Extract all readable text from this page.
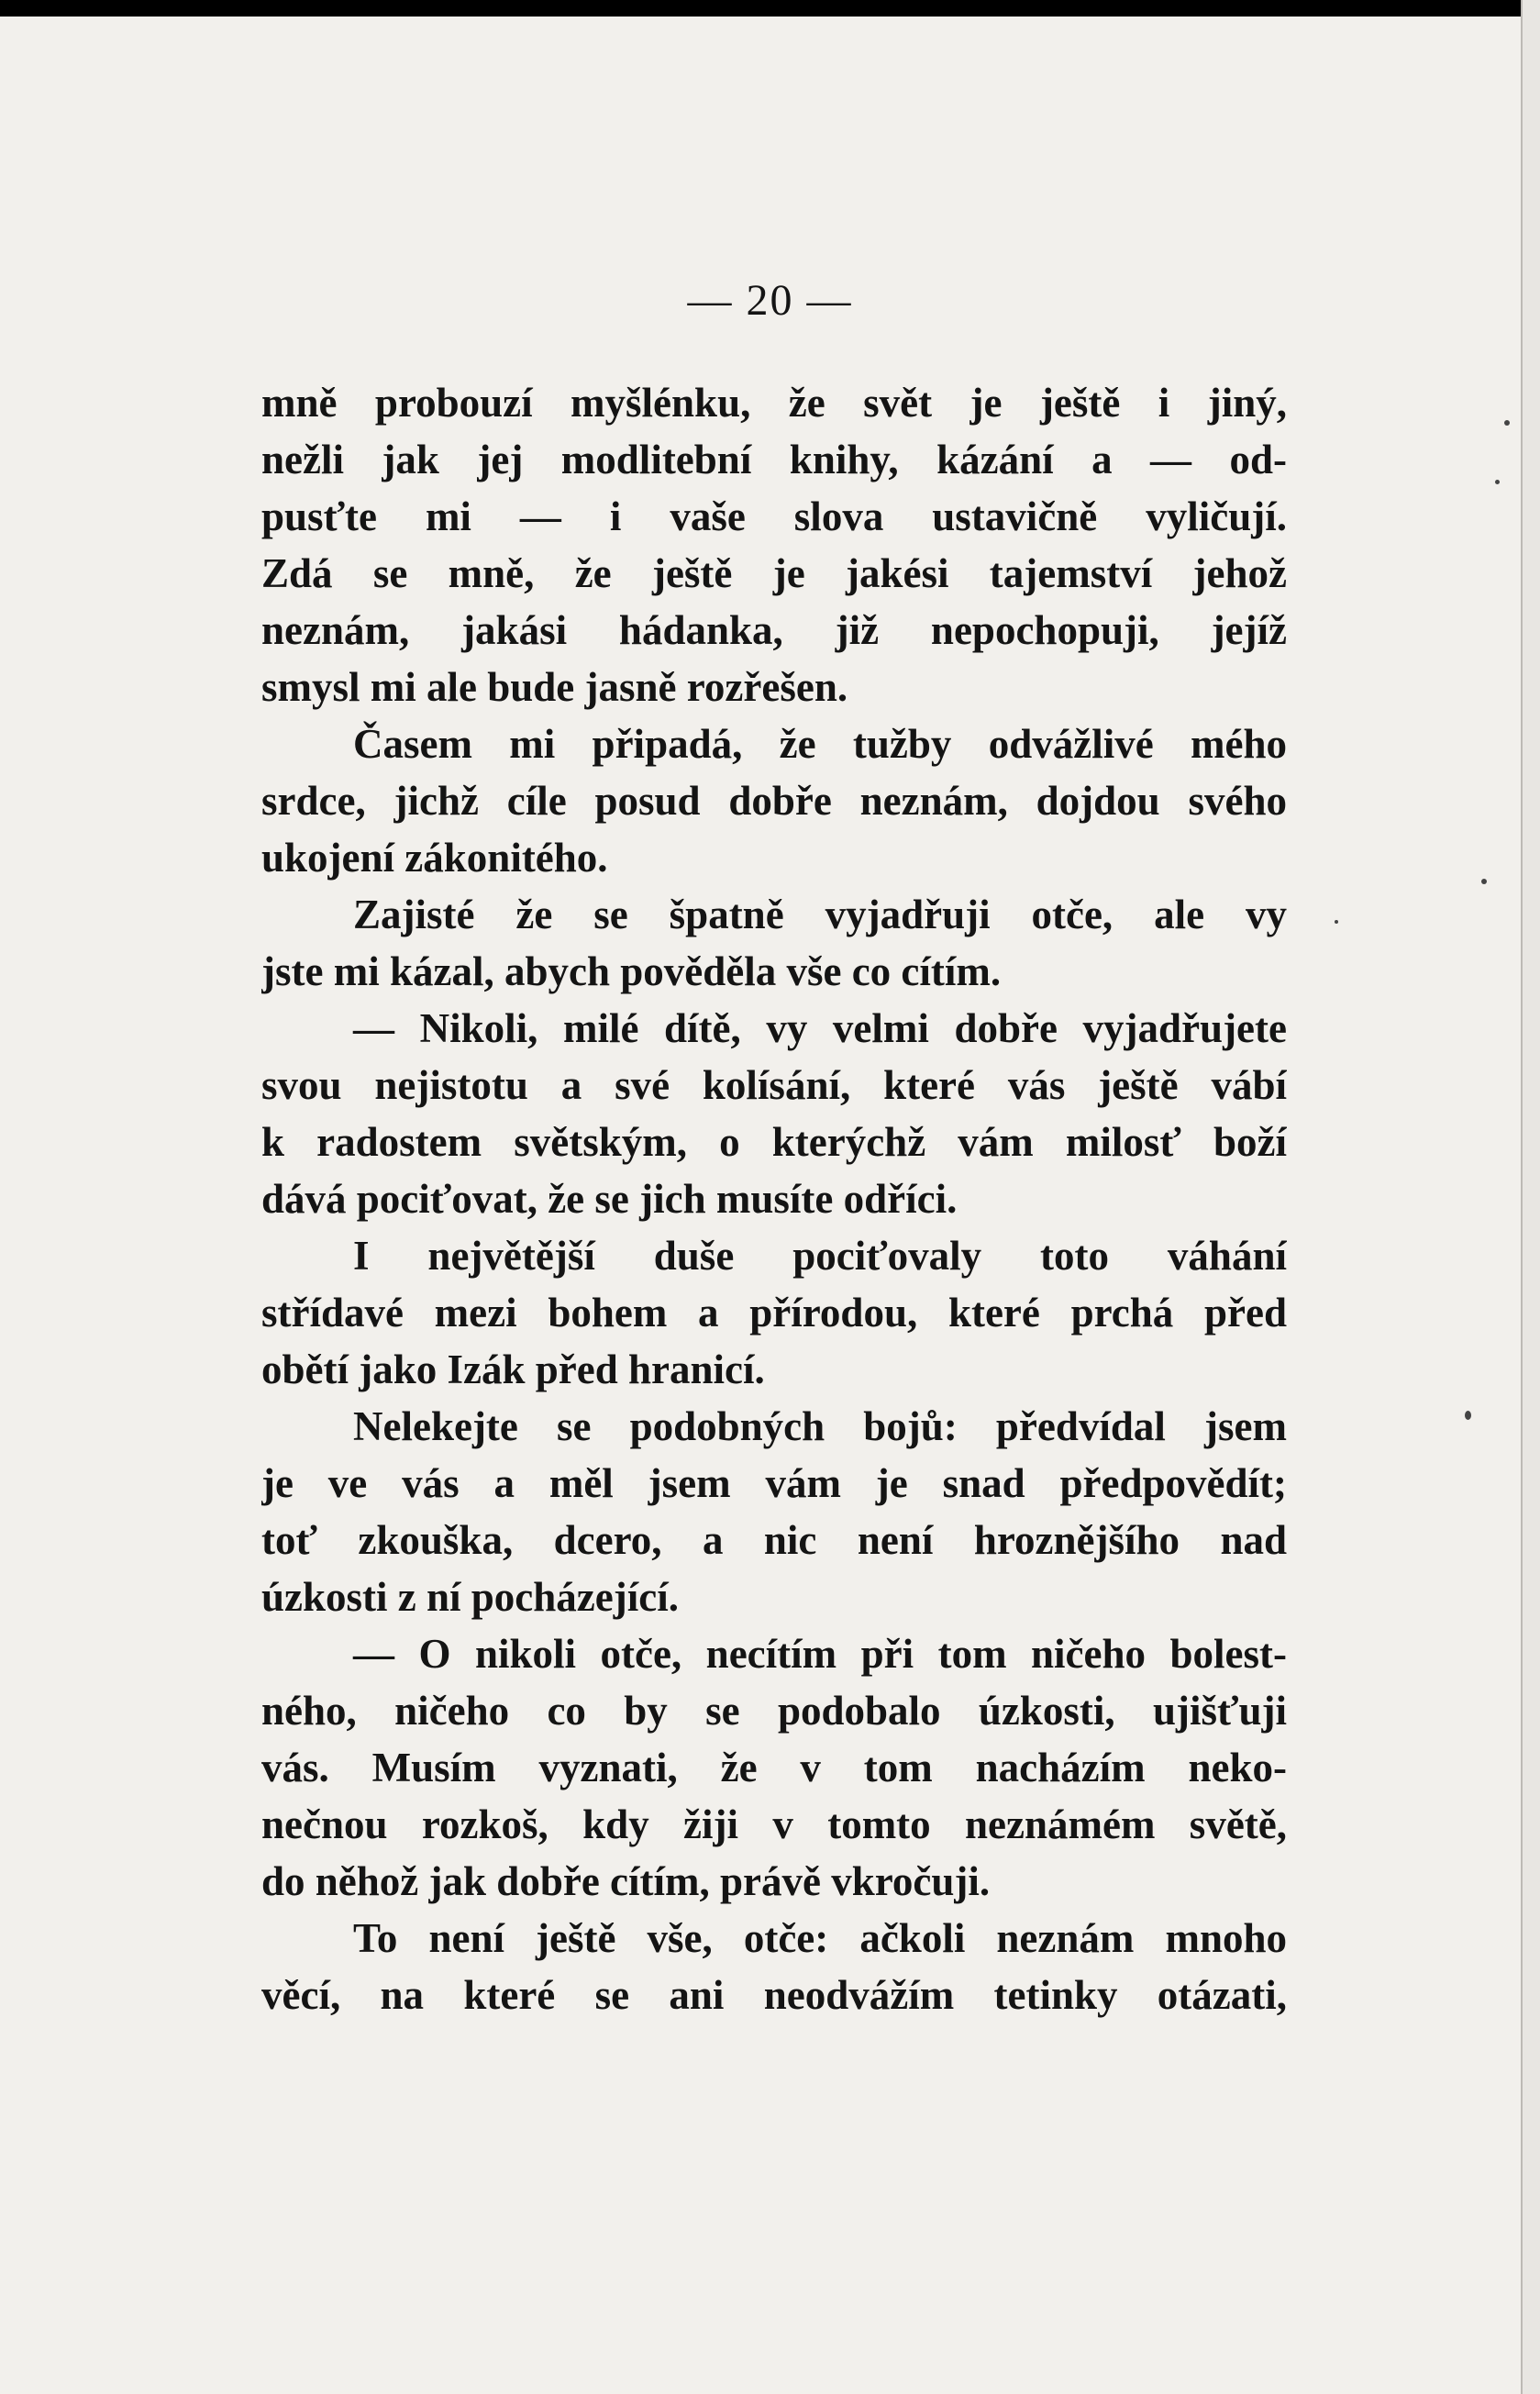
— 20 —
mně probouzí myšlénku, že svět je ještě i jiný,
nežli jak jej modlitební knihy, kázání a — od-
pusťte mi — i vaše slova ustavičně vyličují.
Zdá se mně, že ještě je jakési tajemství jehož
neznám, jakási hádanka, již nepochopuji, jejíž
smysl mi ale bude jasně rozřešen.
Časem mi připadá, že tužby odvážlivé mého
srdce, jichž cíle posud dobře neznám, dojdou svého
ukojení zákonitého.
Zajisté že se špatně vyjadřuji otče, ale vy
jste mi kázal, abych pověděla vše co cítím.
— Nikoli, milé dítě, vy velmi dobře vyjadřujete
svou nejistotu a své kolísání, které vás ještě vábí
k radostem světským, o kterýchž vám milosť boží
dává pociťovat, že se jich musíte odříci.
I největější duše pociťovaly toto váhání
střídavé mezi bohem a přírodou, které prchá před
obětí jako Izák před hranicí.
Nelekejte se podobných bojů: předvídal jsem
je ve vás a měl jsem vám je snad předpovědít;
toť zkouška, dcero, a nic není hroznějšího nad
úzkosti z ní pocházející.
— O nikoli otče, necítím při tom ničeho bolest-
ného, ničeho co by se podobalo úzkosti, ujišťuji
vás. Musím vyznati, že v tom nacházím neko-
nečnou rozkoš, kdy žiji v tomto neznámém světě,
do něhož jak dobře cítím, právě vkročuji.
To není ještě vše, otče: ačkoli neznám mnoho
věcí, na které se ani neodvážím tetinky otázati,
